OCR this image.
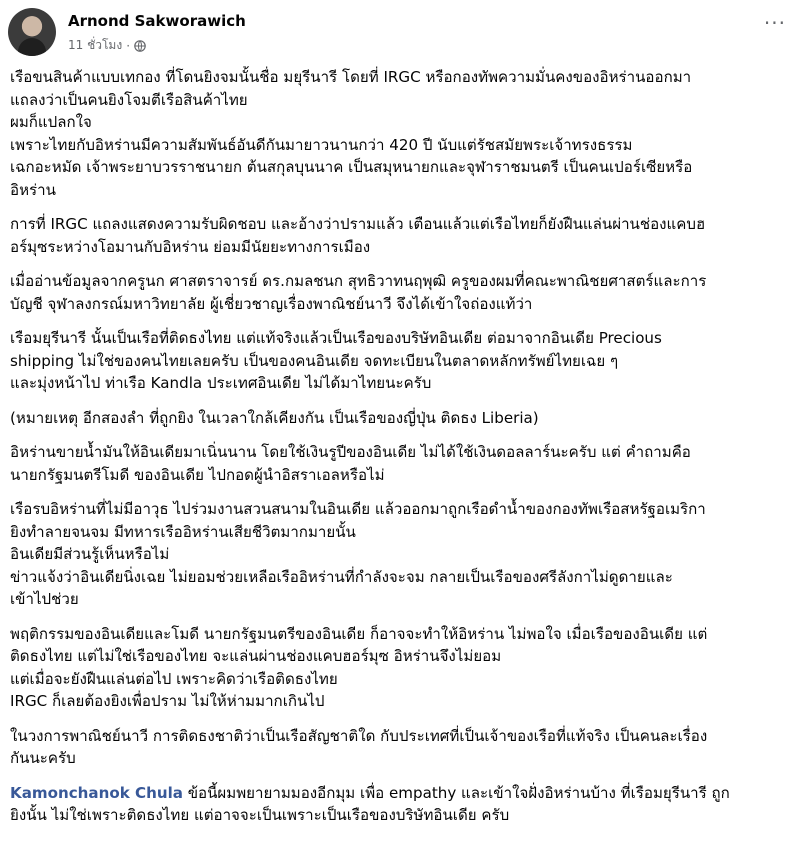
Arnond Sakworawich
11 ชั่วโมง ·
···
เรือขนสินค้าแบบเทกอง ที่โดนยิงจมนั้นชื่อ มยุรีนารี โดยที่ IRGC หรือกองทัพความมั่นคงของอิหร่านออกมา
แถลงว่าเป็นคนยิงโจมตีเรือสินค้าไทย
ผมก็แปลกใจ
เพราะไทยกับอิหร่านมีความสัมพันธ์อันดีกันมายาวนานกว่า 420 ปี นับแต่รัชสมัยพระเจ้าทรงธรรม
เฉกอะหมัด เจ้าพระยาบวรราชนายก ต้นสกุลบุนนาค เป็นสมุหนายกและจุฬาราชมนตรี เป็นคนเปอร์เซียหรือ
อิหร่าน
การที่ IRGC แถลงแสดงความรับผิดชอบ และอ้างว่าปรามแล้ว เตือนแล้วแต่เรือไทยก็ยังฝืนแล่นผ่านช่องแคบฮ
อร์มุซระหว่างโอมานกับอิหร่าน ย่อมมีนัยยะทางการเมือง
เมื่ออ่านข้อมูลจากครูนก ศาสตราจารย์ ดร.กมลชนก สุทธิวาทนฤพุฒิ ครูของผมที่คณะพาณิชยศาสตร์และการ
บัญชี จุฬาลงกรณ์มหาวิทยาลัย ผู้เชี่ยวชาญเรื่องพาณิชย์นาวี จึงได้เข้าใจถ่องแท้ว่า
เรือมยุรีนารี นั้นเป็นเรือที่ติดธงไทย แต่แท้จริงแล้วเป็นเรือของบริษัทอินเดีย ต่อมาจากอินเดีย Precious
shipping ไม่ใช่ของคนไทยเลยครับ เป็นของคนอินเดีย จดทะเบียนในตลาดหลักทรัพย์ไทยเฉย ๆ
และมุ่งหน้าไป ท่าเรือ Kandla ประเทศอินเดีย ไม่ได้มาไทยนะครับ
(หมายเหตุ อีกสองลำ ที่ถูกยิง ในเวลาใกล้เคียงกัน เป็นเรือของญี่ปุ่น ติดธง Liberia)
อิหร่านขายน้ำมันให้อินเดียมาเนิ่นนาน โดยใช้เงินรูปีของอินเดีย ไม่ได้ใช้เงินดอลลาร์นะครับ แต่ คำถามคือ
นายกรัฐมนตรีโมดี ของอินเดีย ไปกอดผู้นำอิสราเอลหรือไม่
เรือรบอิหร่านที่ไม่มีอาวุธ ไปร่วมงานสวนสนามในอินเดีย แล้วออกมาถูกเรือดำน้ำของกองทัพเรือสหรัฐอเมริกา
ยิงทำลายจนจม มีทหารเรืออิหร่านเสียชีวิตมากมายนั้น
อินเดียมีส่วนรู้เห็นหรือไม่
ข่าวแจ้งว่าอินเดียนิ่งเฉย ไม่ยอมช่วยเหลือเรืออิหร่านที่กำลังจะจม กลายเป็นเรือของศรีลังกาไม่ดูดายและ
เข้าไปช่วย
พฤติกรรมของอินเดียและโมดี นายกรัฐมนตรีของอินเดีย ก็อาจจะทำให้อิหร่าน ไม่พอใจ เมื่อเรือของอินเดีย แต่
ติดธงไทย แต่ไม่ใช่เรือของไทย จะแล่นผ่านช่องแคบฮอร์มุซ อิหร่านจึงไม่ยอม
แต่เมื่อจะยังฝืนแล่นต่อไป เพราะคิดว่าเรือติดธงไทย
IRGC ก็เลยต้องยิงเพื่อปราม ไม่ให้ห่ามมากเกินไป
ในวงการพาณิชย์นาวี การติดธงชาติว่าเป็นเรือสัญชาติใด กับประเทศที่เป็นเจ้าของเรือที่แท้จริง เป็นคนละเรื่อง
กันนะครับ
Kamonchanok Chula ข้อนี้ผมพยายามมองอีกมุม เพื่อ empathy และเข้าใจฝั่งอิหร่านบ้าง ที่เรือมยุรีนารี ถูก
ยิงนั้น ไม่ใช่เพราะติดธงไทย แต่อาจจะเป็นเพราะเป็นเรือของบริษัทอินเดีย ครับ
